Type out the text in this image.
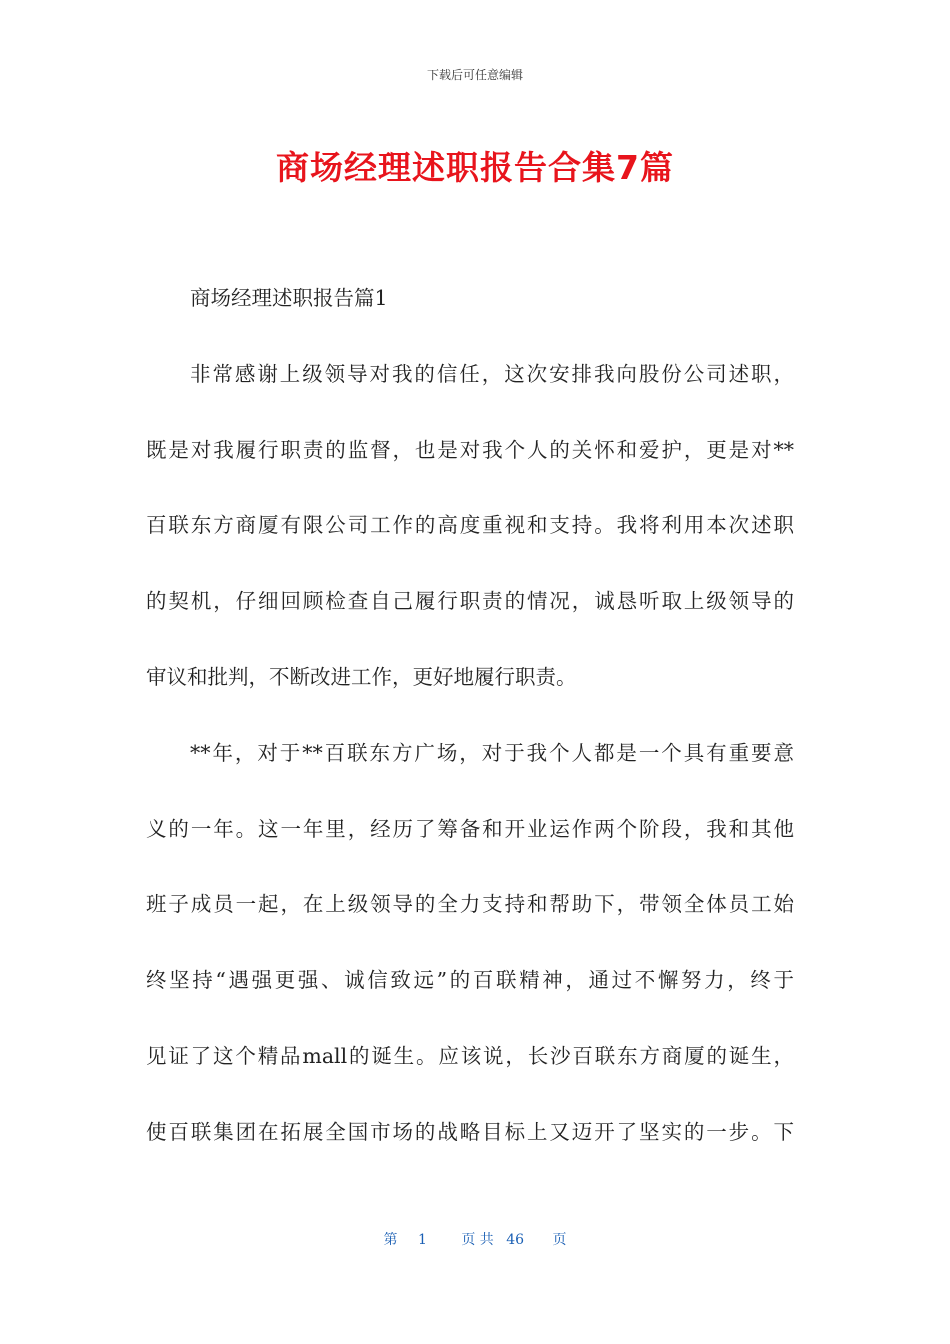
下载后可任意编辑
商场经理述职报告合集7篇
商场经理述职报告篇1
非常感谢上级领导对我的信任，这次安排我向股份公司述职，
既是对我履行职责的监督，也是对我个人的关怀和爱护，更是对**
百联东方商厦有限公司工作的高度重视和支持。我将利用本次述职
的契机，仔细回顾检查自己履行职责的情况，诚恳听取上级领导的
审议和批判，不断改进工作，更好地履行职责。
**年，对于**百联东方广场，对于我个人都是一个具有重要意
义的一年。这一年里，经历了筹备和开业运作两个阶段，我和其他
班子成员一起，在上级领导的全力支持和帮助下，带领全体员工始
终坚持“遇强更强、诚信致远”的百联精神，通过不懈努力，终于
见证了这个精品mall的诞生。应该说，长沙百联东方商厦的诞生，
使百联集团在拓展全国市场的战略目标上又迈开了坚实的一步。下
第 1 页 共 46 页
